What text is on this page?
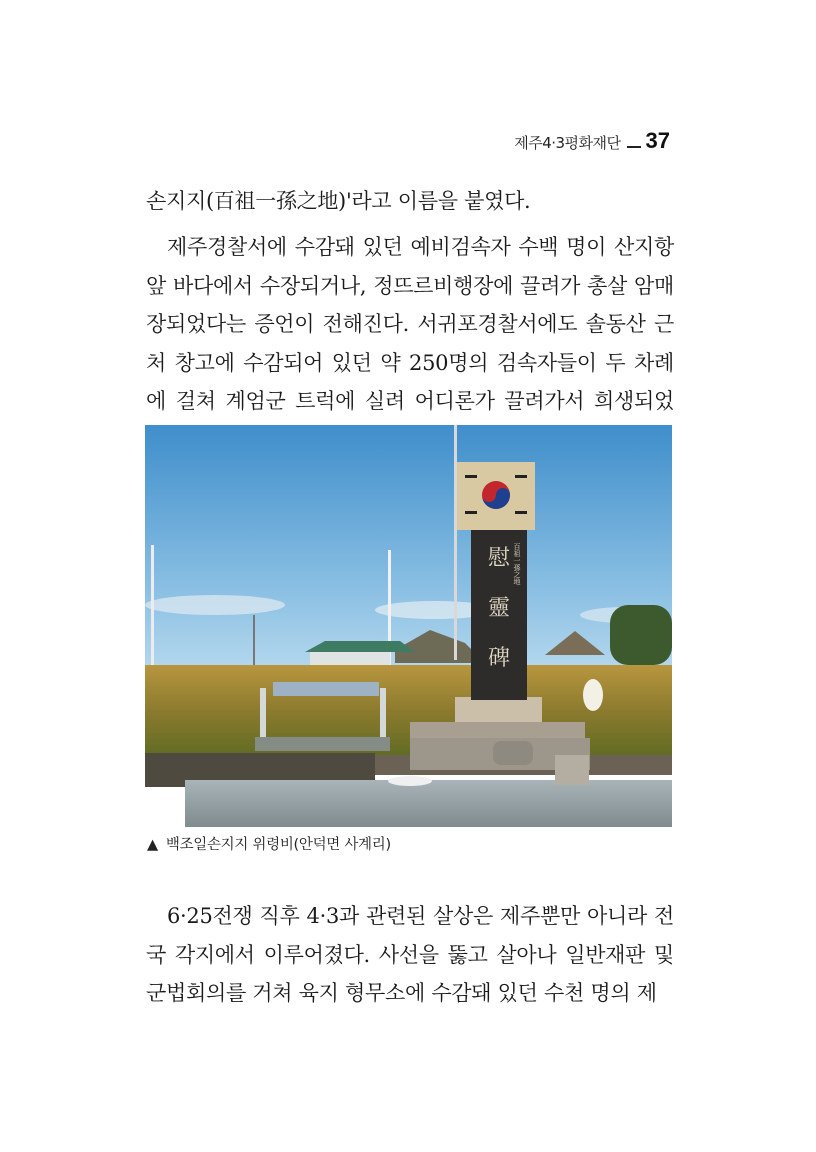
제주4·3평화재단 37

손지지(百祖一孫之地)'라고 이름을 붙였다.

제주경찰서에 수감돼 있던 예비검속자 수백 명이 산지항 앞 바다에서 수장되거나, 정뜨르비행장에 끌려가 총살 암매장되었다는 증언이 전해진다. 서귀포경찰서에도 솔동산 근처 창고에 수감되어 있던 약 250명의 검속자들이 두 차례에 걸쳐 계엄군 트럭에 실려 어디론가 끌려가서 희생되었

慰
靈
碑
百祖一孫之地
▲ 백조일손지지 위령비(안덕면 사계리)

6·25전쟁 직후 4·3과 관련된 살상은 제주뿐만 아니라 전국 각지에서 이루어졌다. 사선을 뚫고 살아나 일반재판 및 군법회의를 거쳐 육지 형무소에 수감돼 있던 수천 명의 제
